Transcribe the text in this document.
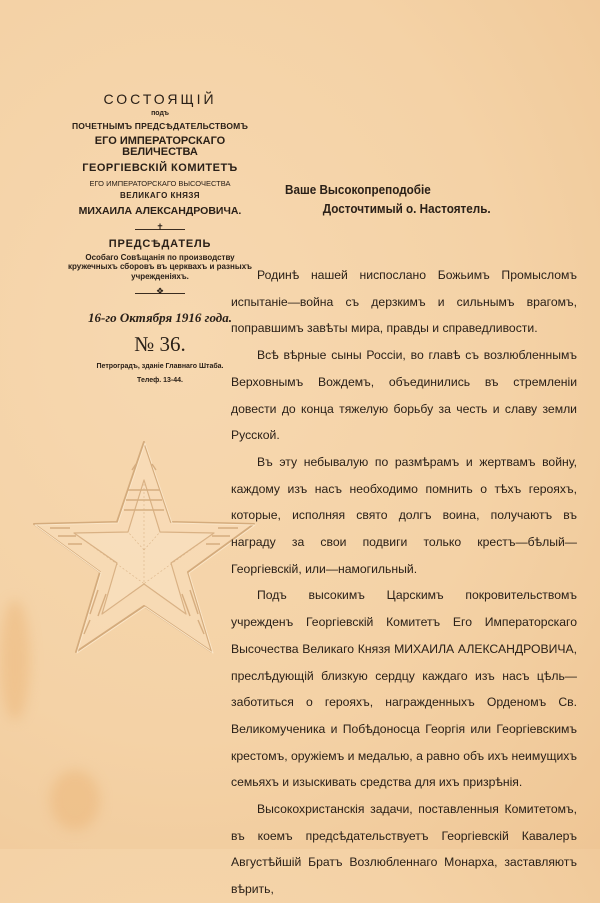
СОСТОЯЩІЙ
подъ
ПОЧЕТНЫМЪ ПРЕДСѢДАТЕЛЬСТВОМЪ
ЕГО ИМПЕРАТОРСКАГО ВЕЛИЧЕСТВА
ГЕОРГІЕВСКІЙ КОМИТЕТЪ
ЕГО ИМПЕРАТОРСКАГО ВЫСОЧЕСТВА
ВЕЛИКАГО КНЯЗЯ
МИХАИЛА АЛЕКСАНДРОВИЧА.
✝
ПРЕДСѢДАТЕЛЬ
Особаго Совѣщанія по производству кружечныхъ сборовъ въ церквахъ и разныхъ учрежденіяхъ.
❖
16-го Октября 1916 года.
№ 36.
Петроградъ, зданіе Главнаго Штаба.
Телеф. 13-44.
Ваше Высокопреподобіе
Досточтимый о. Настоятель.

Родинѣ нашей ниспослано Божьимъ Промысломъ испытаніе—война съ дерзкимъ и сильнымъ врагомъ, поправшимъ завѣты мира, правды и справедливости.

Всѣ вѣрные сыны Россіи, во главѣ съ возлюбленнымъ Верховнымъ Вождемъ, объединились въ стремленіи довести до конца тяжелую борьбу за честь и славу земли Русской.

Въ эту небывалую по размѣрамъ и жертвамъ войну, каждому изъ насъ необходимо помнить о тѣхъ герояхъ, которые, исполняя свято долгъ воина, получаютъ въ награду за свои подвиги только крестъ—бѣлый—Георгіевскій, или—намогильный.

Подъ высокимъ Царскимъ покровительствомъ учрежденъ Георгіевскій Комитетъ Его Императорскаго Высочества Великаго Князя МИХАИЛА АЛЕКСАНДРОВИЧА, преслѣдующій близкую сердцу каждаго изъ насъ цѣль—заботиться о герояхъ, награжденныхъ Орденомъ Св. Великомученика и Побѣдоносца Георгія или Георгіевскимъ крестомъ, оружіемъ и медалью, а равно объ ихъ неимущихъ семьяхъ и изыскивать средства для ихъ призрѣнія.

Высокохристанскія задачи, поставленныя Комитетомъ, въ коемъ предсѣдательствуетъ Георгіевскій Кавалеръ Августѣйшій Братъ Возлюбленнаго Монарха, заставляютъ вѣрить,
